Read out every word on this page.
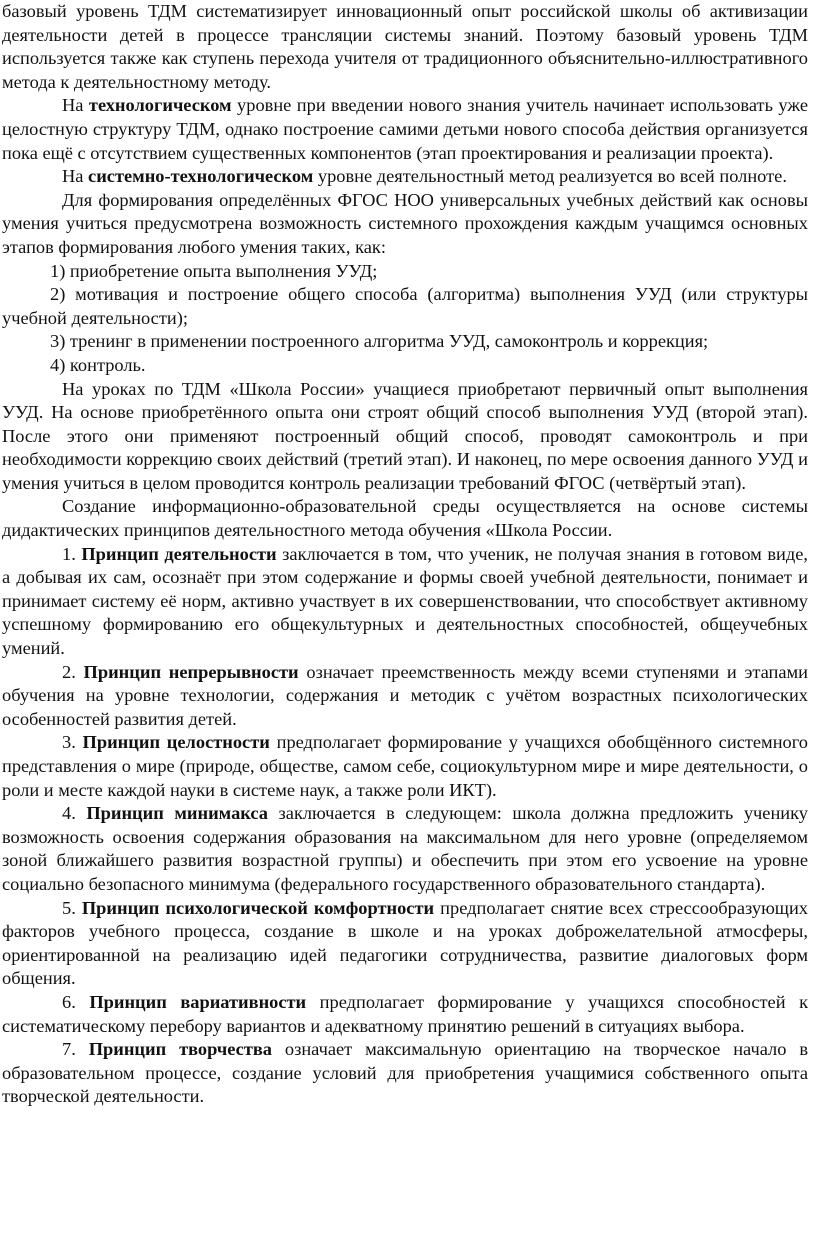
базовый уровень ТДМ систематизирует инновационный опыт российской школы об активизации деятельности детей в процессе трансляции системы знаний. Поэтому базовый уровень ТДМ используется также как ступень перехода учителя от традиционного объяснительно-иллюстративного метода к деятельностному методу.

На технологическом уровне при введении нового знания учитель начинает использовать уже целостную структуру ТДМ, однако построение самими детьми нового способа действия организуется пока ещё с отсутствием существенных компонентов (этап проектирования и реализации проекта).

На системно-технологическом уровне деятельностный метод реализуется во всей полноте.

Для формирования определённых ФГОС НОО универсальных учебных действий как основы умения учиться предусмотрена возможность системного прохождения каждым учащимся основных этапов формирования любого умения таких, как:

1) приобретение опыта выполнения УУД;

2) мотивация и построение общего способа (алгоритма) выполнения УУД (или структуры учебной деятельности);

3) тренинг в применении построенного алгоритма УУД, самоконтроль и коррекция;

4) контроль.

На уроках по ТДМ «Школа России» учащиеся приобретают первичный опыт выполнения УУД. На основе приобретённого опыта они строят общий способ выполнения УУД (второй этап). После этого они применяют построенный общий способ, проводят самоконтроль и при необходимости коррекцию своих действий (третий этап). И наконец, по мере освоения данного УУД и умения учиться в целом проводится контроль реализации требований ФГОС (четвёртый этап).

Создание информационно-образовательной среды осуществляется на основе системы дидактических принципов деятельностного метода обучения «Школа России.

1. Принцип деятельности заключается в том, что ученик, не получая знания в готовом виде, а добывая их сам, осознаёт при этом содержание и формы своей учебной деятельности, понимает и принимает систему её норм, активно участвует в их совершенствовании, что способствует активному успешному формированию его общекультурных и деятельностных способностей, общеучебных умений.

2. Принцип непрерывности означает преемственность между всеми ступенями и этапами обучения на уровне технологии, содержания и методик с учётом возрастных психологических особенностей развития детей.

3. Принцип целостности предполагает формирование у учащихся обобщённого системного представления о мире (природе, обществе, самом себе, социокультурном мире и мире деятельности, о роли и месте каждой науки в системе наук, а также роли ИКТ).

4. Принцип минимакса заключается в следующем: школа должна предложить ученику возможность освоения содержания образования на максимальном для него уровне (определяемом зоной ближайшего развития возрастной группы) и обеспечить при этом его усвоение на уровне социально безопасного минимума (федерального государственного образовательного стандарта).

5. Принцип психологической комфортности предполагает снятие всех стрессообразующих факторов учебного процесса, создание в школе и на уроках доброжелательной атмосферы, ориентированной на реализацию идей педагогики сотрудничества, развитие диалоговых форм общения.

6. Принцип вариативности предполагает формирование у учащихся способностей к систематическому перебору вариантов и адекватному принятию решений в ситуациях выбора.

7. Принцип творчества означает максимальную ориентацию на творческое начало в образовательном процессе, создание условий для приобретения учащимися собственного опыта творческой деятельности.
